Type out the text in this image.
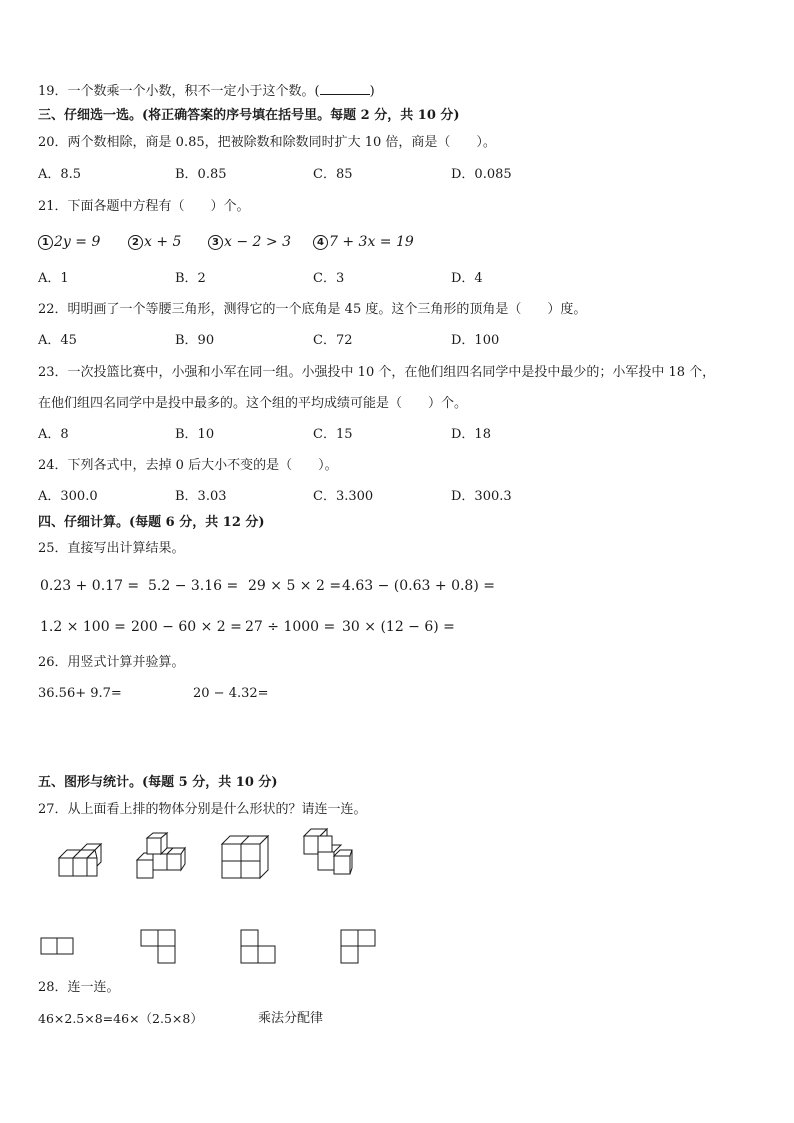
19．一个数乘一个小数，积不一定小于这个数。(	)
三、仔细选一选。(将正确答案的序号填在括号里。每题 2 分，共 10 分)
20．两个数相除，商是 0.85，把被除数和除数同时扩大 10 倍，商是（　　）。
A．8.5	B．0.85	C．85	D．0.085
21．下面各题中方程有（　　）个。
1 2y = 9	2 x + 5	3 x − 2 > 3	4 7 + 3x = 19
A．1	B．2	C．3	D．4
22．明明画了一个等腰三角形，测得它的一个底角是 45 度。这个三角形的顶角是（　　）度。
A．45	B．90	C．72	D．100
23．一次投篮比赛中，小强和小军在同一组。小强投中 10 个，在他们组四名同学中是投中最少的；小军投中 18 个，
在他们组四名同学中是投中最多的。这个组的平均成绩可能是（　　）个。
A．8	B．10	C．15	D．18
24．下列各式中，去掉 0 后大小不变的是（　　）。
A．300.0	B．3.03	C．3.300	D．300.3
四、仔细计算。(每题 6 分，共 12 分)
25．直接写出计算结果。
0.23 + 0.17 = 5.2 − 3.16 = 29 × 5 × 2 = 4.63 − (0.63 + 0.8) =
1.2 × 100 = 200 − 60 × 2 = 27 ÷ 1000 = 30 × (12 − 6) =
26．用竖式计算并验算。
36.56+ 9.7=	20 − 4.32=
五、图形与统计。(每题 5 分，共 10 分)
27．从上面看上排的物体分别是什么形状的？请连一连。
28．连一连。
46×2.5×8=46×（2.5×8）	乘法分配律
